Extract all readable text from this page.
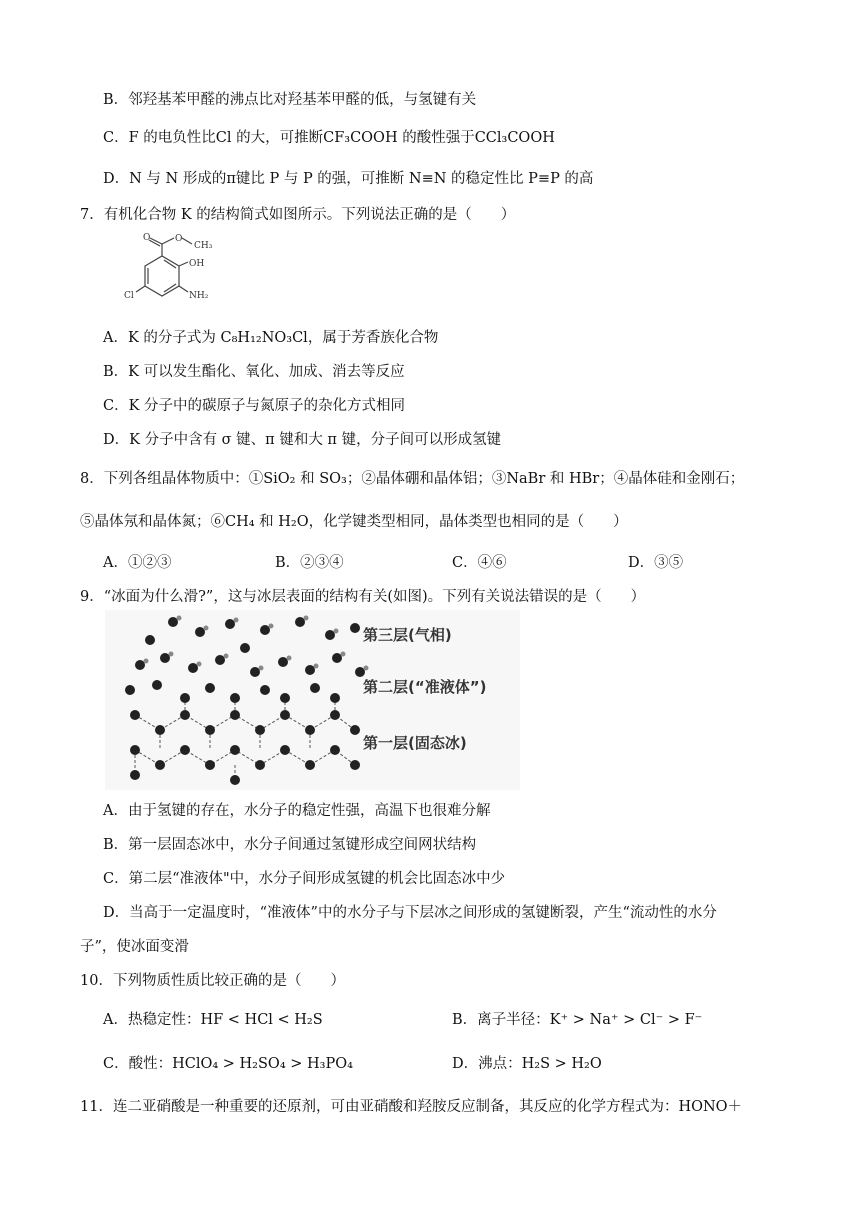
B．邻羟基苯甲醛的沸点比对羟基苯甲醛的低，与氢键有关
C．F 的电负性比Cl 的大，可推断CF₃COOH 的酸性强于CCl₃COOH
D．N 与 N 形成的π键比 P 与 P 的强，可推断 N≡N 的稳定性比 P≡P 的高
7．有机化合物 K 的结构简式如图所示。下列说法正确的是（　　）
O	O
CH₃
OH
NH₂
Cl
A．K 的分子式为 C₈H₁₂NO₃Cl，属于芳香族化合物
B．K 可以发生酯化、氧化、加成、消去等反应
C．K 分子中的碳原子与氮原子的杂化方式相同
D．K 分子中含有 σ 键、π 键和大 π 键，分子间可以形成氢键
8．下列各组晶体物质中：①SiO₂ 和 SO₃；②晶体硼和晶体铝；③NaBr 和 HBr；④晶体硅和金刚石；
⑤晶体氖和晶体氮；⑥CH₄ 和 H₂O，化学键类型相同，晶体类型也相同的是（　　）
A．①②③	B．②③④	C．④⑥	D．③⑤
9．“冰面为什么滑?”，这与冰层表面的结构有关(如图)。下列有关说法错误的是（　　）
第三层(气相)
第二层(“准液体”)
第一层(固态冰)
A．由于氢键的存在，水分子的稳定性强，高温下也很难分解
B．第一层固态冰中，水分子间通过氢键形成空间网状结构
C．第二层“准液体"中，水分子间形成氢键的机会比固态冰中少
D．当高于一定温度时，“准液体”中的水分子与下层冰之间形成的氢键断裂，产生“流动性的水分
子”，使冰面变滑
10．下列物质性质比较正确的是（　　）
A．热稳定性：HF < HCl < H₂S	B．离子半径：K⁺ > Na⁺ > Cl⁻ > F⁻
C．酸性：HClO₄ > H₂SO₄ > H₃PO₄	D．沸点：H₂S > H₂O
11．连二亚硝酸是一种重要的还原剂，可由亚硝酸和羟胺反应制备，其反应的化学方程式为：HONO＋
